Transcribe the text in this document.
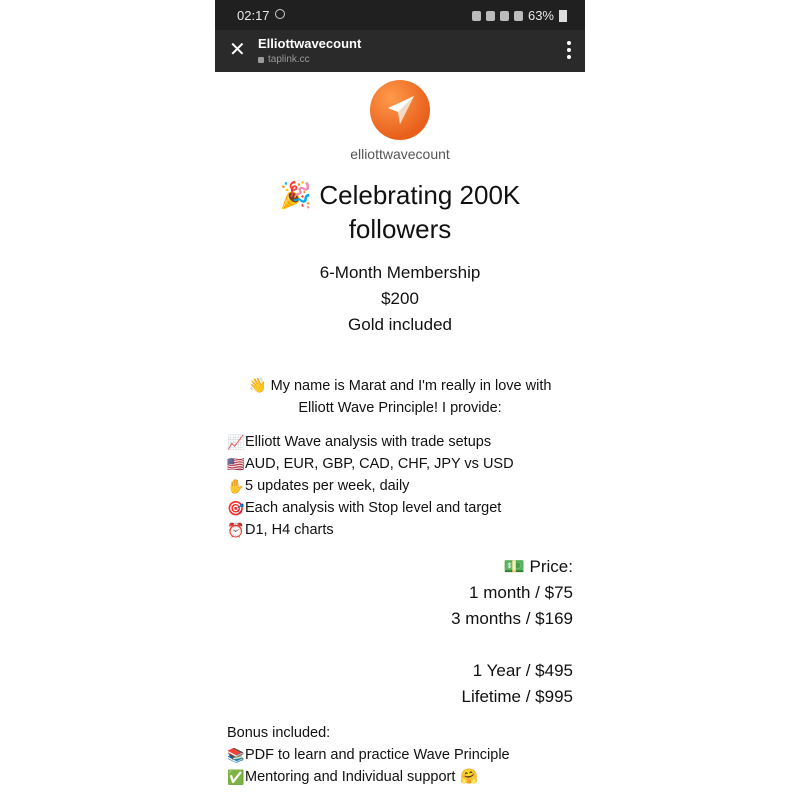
02:17	63%
✕ Elliottwavecount
taplink.cc
elliottwavecount
🎉 Celebrating 200K
followers
6-Month Membership
$200
Gold included
👋 My name is Marat and I'm really in love with
Elliott Wave Principle! I provide:
📈 Elliott Wave analysis with trade setups
🇺🇸 AUD, EUR, GBP, CAD, CHF, JPY vs USD
✋ 5 updates per week, daily
🎯 Each analysis with Stop level and target
⏰ D1, H4 charts
💵 Price:
1 month / $75
3 months / $169
1 Year / $495
Lifetime / $995
Bonus included:
📚 PDF to learn and practice Wave Principle
✅ Mentoring and Individual support 🤗
